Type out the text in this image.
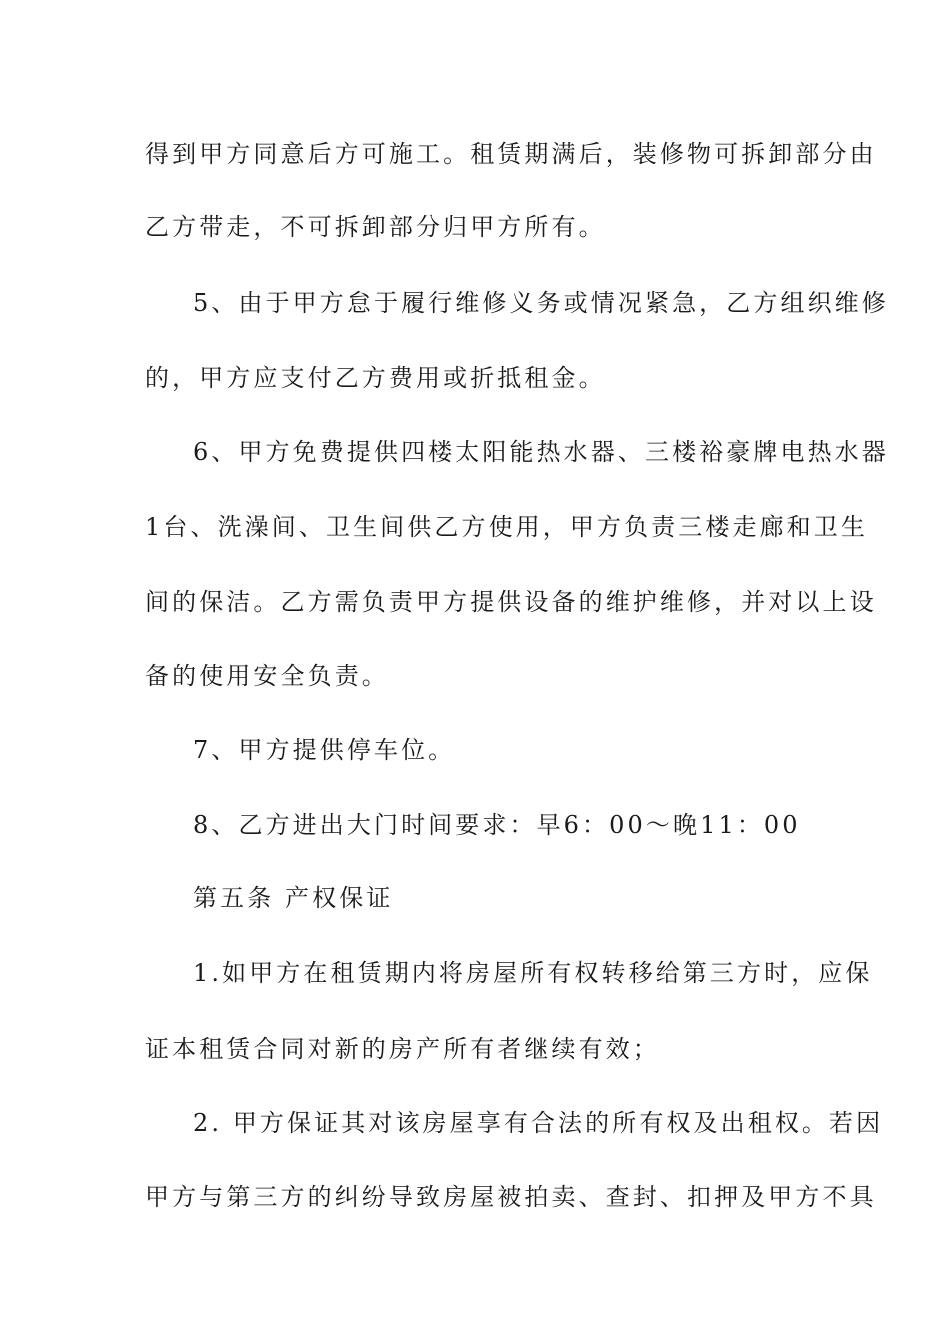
得到甲方同意后方可施工。租赁期满后，装修物可拆卸部分由
乙方带走，不可拆卸部分归甲方所有。
5、由于甲方怠于履行维修义务或情况紧急，乙方组织维修
的，甲方应支付乙方费用或折抵租金。
6、甲方免费提供四楼太阳能热水器、三楼裕豪牌电热水器
1台、洗澡间、卫生间供乙方使用，甲方负责三楼走廊和卫生
间的保洁。乙方需负责甲方提供设备的维护维修，并对以上设
备的使用安全负责。
7、甲方提供停车位。
8、乙方进出大门时间要求：早6：00～晚11：00
第五条 产权保证
1.如甲方在租赁期内将房屋所有权转移给第三方时，应保
证本租赁合同对新的房产所有者继续有效；
2. 甲方保证其对该房屋享有合法的所有权及出租权。若因
甲方与第三方的纠纷导致房屋被拍卖、查封、扣押及甲方不具
